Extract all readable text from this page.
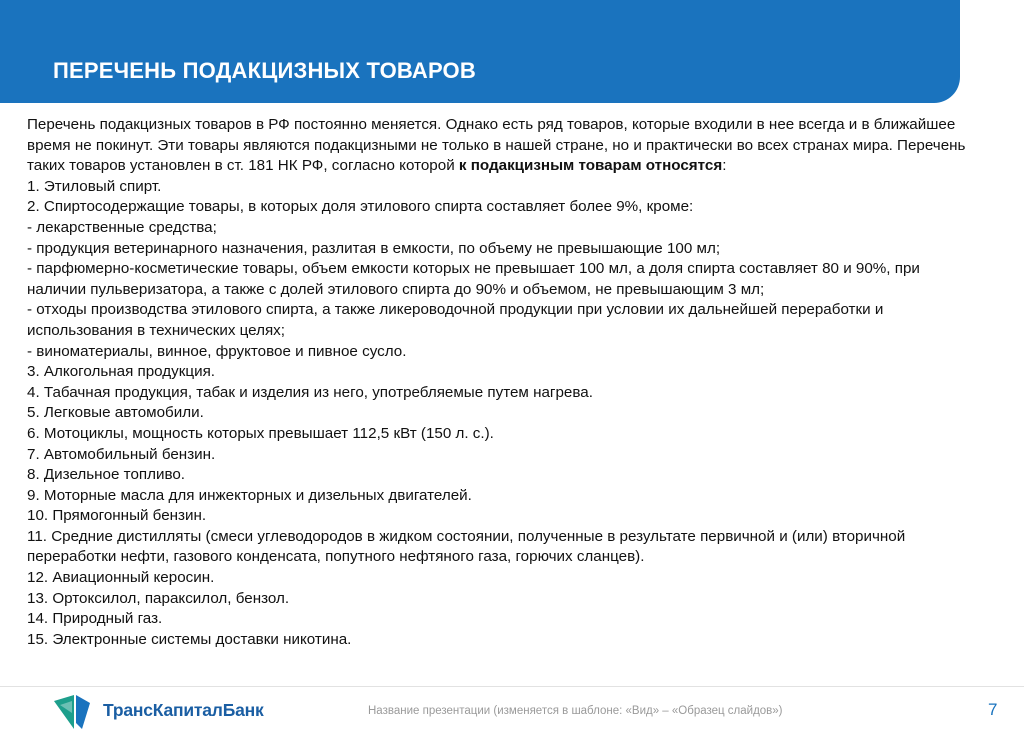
ПЕРЕЧЕНЬ ПОДАКЦИЗНЫХ ТОВАРОВ

Перечень подакцизных товаров в РФ постоянно меняется. Однако есть ряд товаров, которые входили в нее всегда и в ближайшее время не покинут. Эти товары являются подакцизными не только в нашей стране, но и практически во всех странах мира. Перечень таких товаров установлен в ст. 181 НК РФ, согласно которой к подакцизным товарам относятся:

1. Этиловый спирт.

2. Спиртосодержащие товары, в которых доля этилового спирта составляет более 9%, кроме:

- лекарственные средства;

- продукция ветеринарного назначения, разлитая в емкости, по объему не превышающие 100 мл;

- парфюмерно-косметические товары, объем емкости которых не превышает 100 мл, а доля спирта составляет 80 и 90%, при наличии пульверизатора, а также с долей этилового спирта до 90% и объемом, не превышающим 3 мл;

- отходы производства этилового спирта, а также ликероводочной продукции при условии их дальнейшей переработки и использования в технических целях;

- виноматериалы, винное, фруктовое и пивное сусло.

3. Алкогольная продукция.

4. Табачная продукция, табак и изделия из него, употребляемые путем нагрева.

5. Легковые автомобили.

6. Мотоциклы, мощность которых превышает 112,5 кВт (150 л. с.).

7. Автомобильный бензин.

8. Дизельное топливо.

9. Моторные масла для инжекторных и дизельных двигателей.

10. Прямогонный бензин.

11. Средние дистилляты (смеси углеводородов в жидком состоянии, полученные в результате первичной и (или) вторичной переработки нефти, газового конденсата, попутного нефтяного газа, горючих сланцев).

12. Авиационный керосин.

13. Ортоксилол, параксилол, бензол.

14. Природный газ.

15. Электронные системы доставки никотина.

ТрансКапиталБанк	Название презентации (изменяется в шаблоне: «Вид» – «Образец слайдов»)	7
